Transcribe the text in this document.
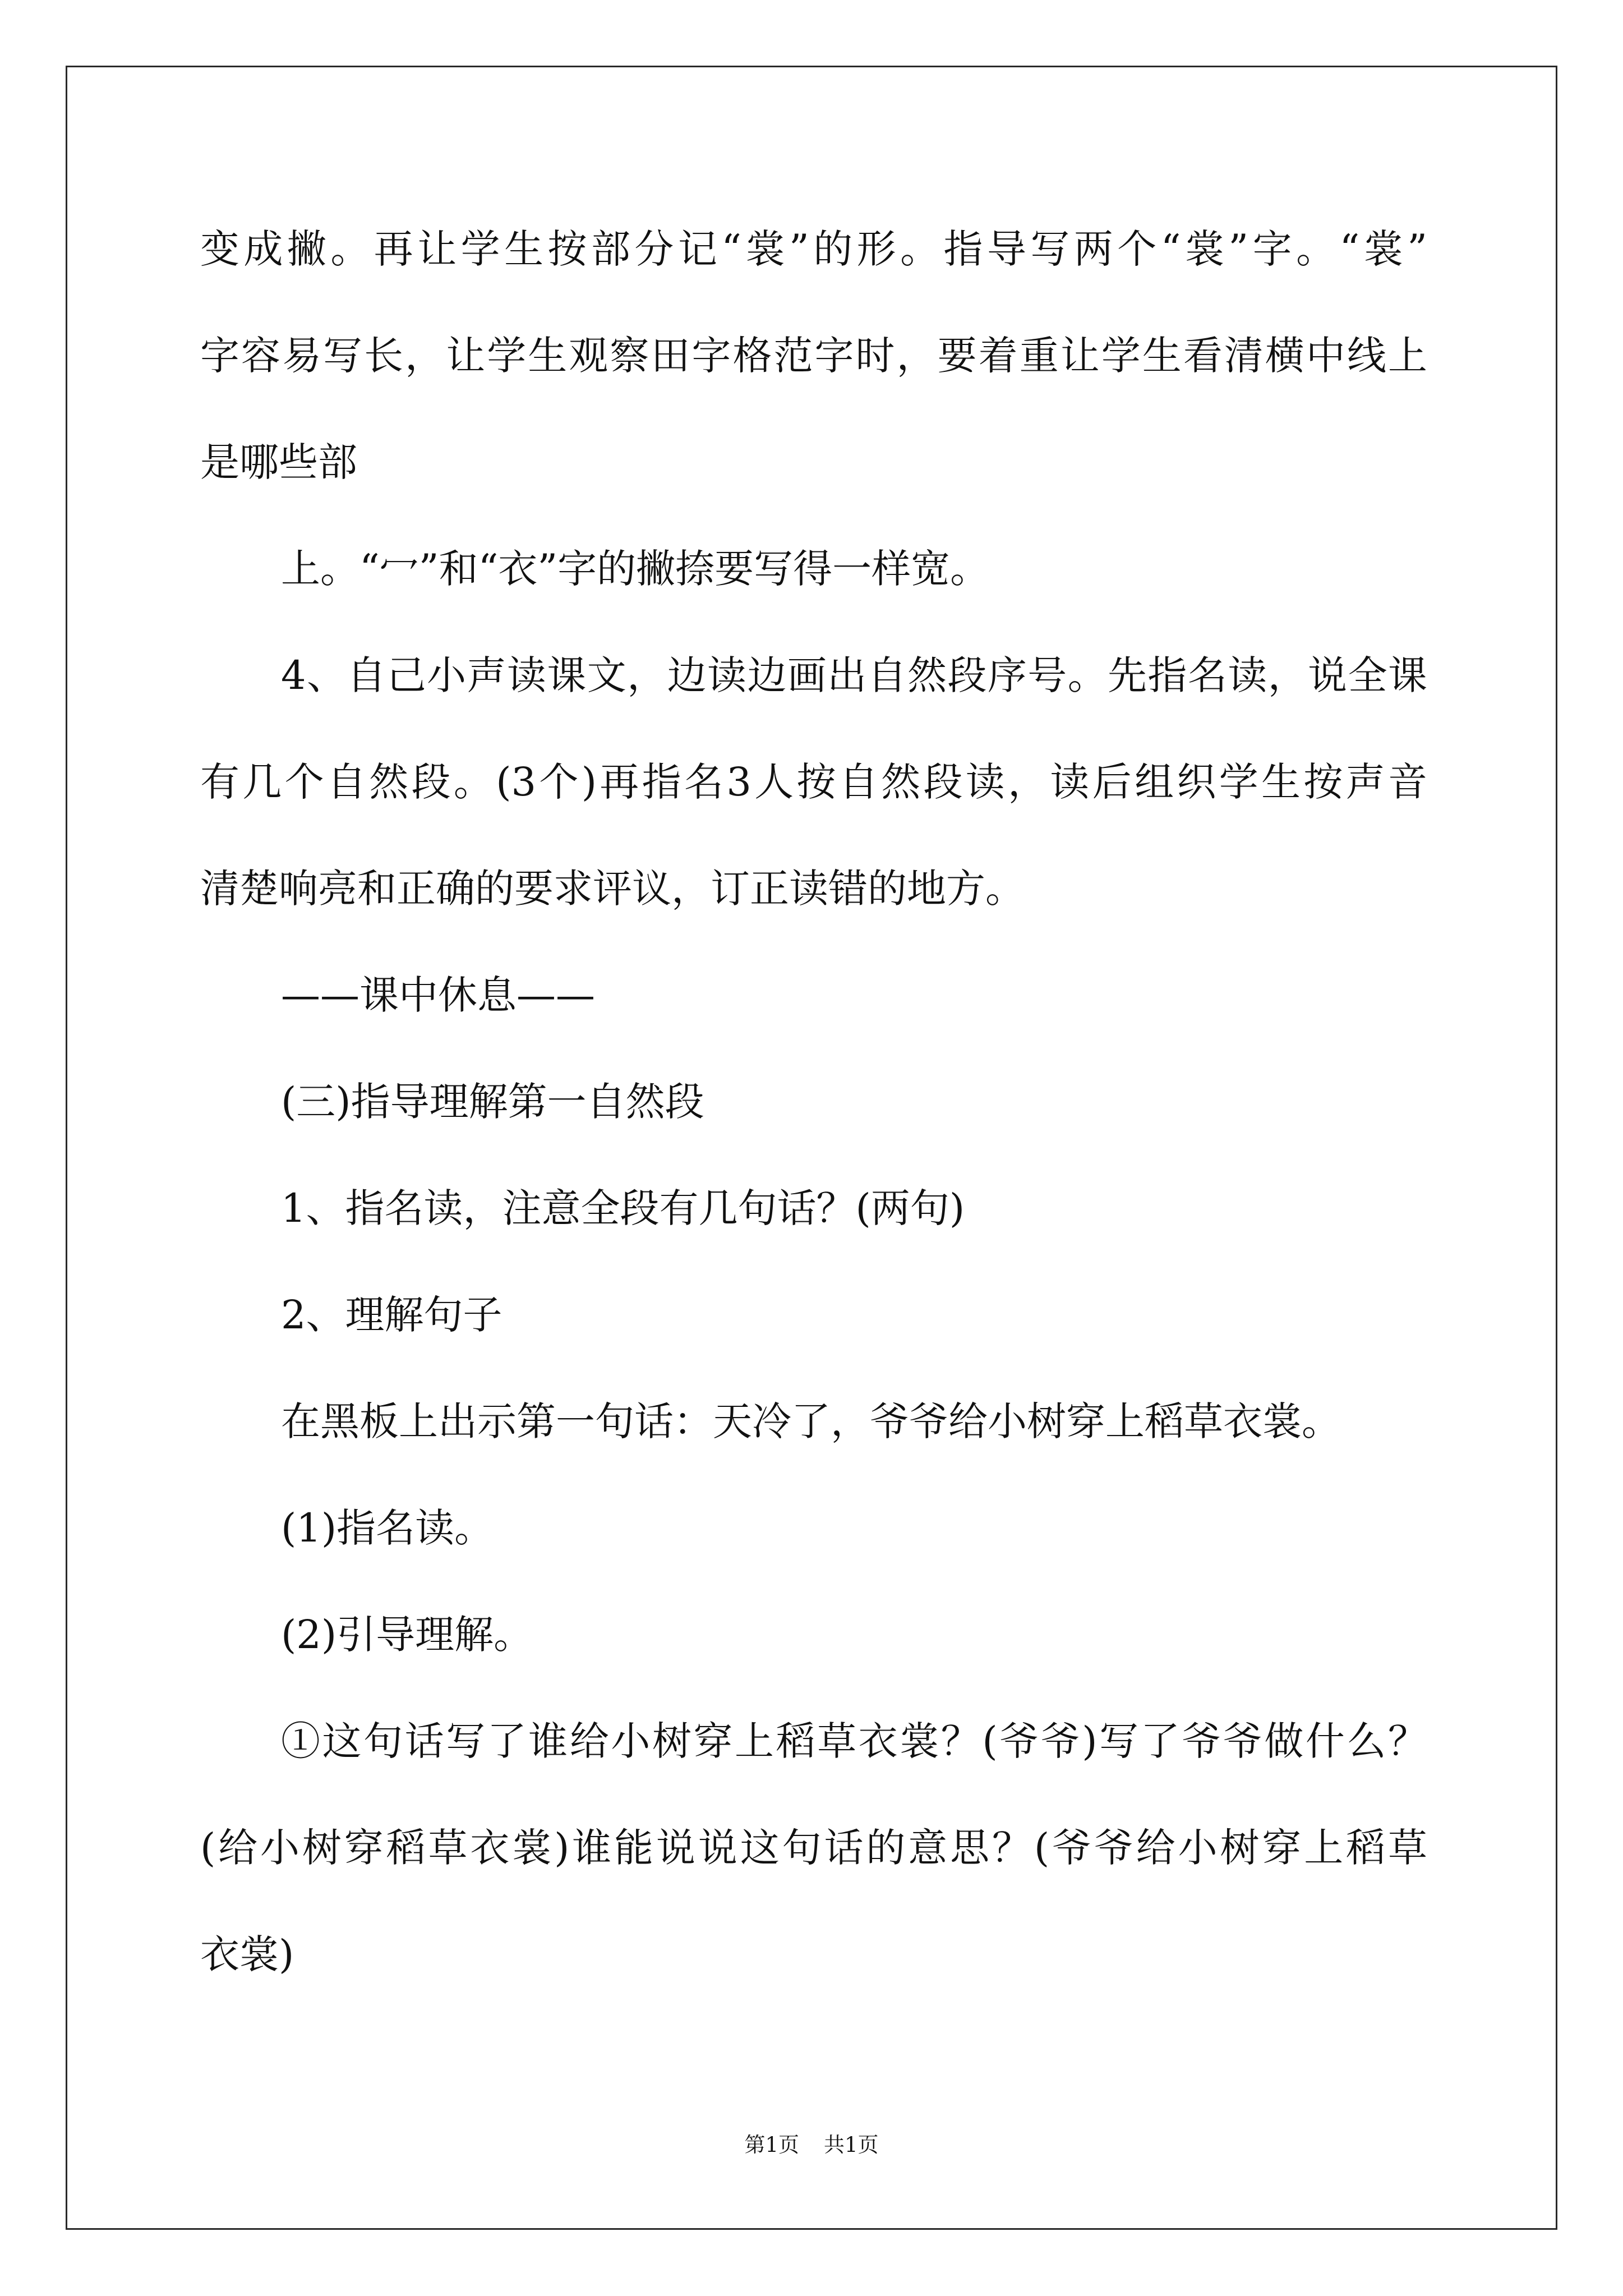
变成撇。再让学生按部分记“裳”的形。指导写两个“裳”字。“裳”
字容易写长，让学生观察田字格范字时，要着重让学生看清横中线上
是哪些部
上。“冖”和“衣”字的撇捺要写得一样宽。
4、自己小声读课文，边读边画出自然段序号。先指名读，说全课
有几个自然段。(3个)再指名3人按自然段读，读后组织学生按声音
清楚响亮和正确的要求评议，订正读错的地方。
——课中休息——
(三)指导理解第一自然段
1、指名读，注意全段有几句话？(两句)
2、理解句子
在黑板上出示第一句话：天冷了，爷爷给小树穿上稻草衣裳。
(1)指名读。
(2)引导理解。
①这句话写了谁给小树穿上稻草衣裳？(爷爷)写了爷爷做什么？
(给小树穿稻草衣裳)谁能说说这句话的意思？(爷爷给小树穿上稻草
衣裳)
第1页 共1页
